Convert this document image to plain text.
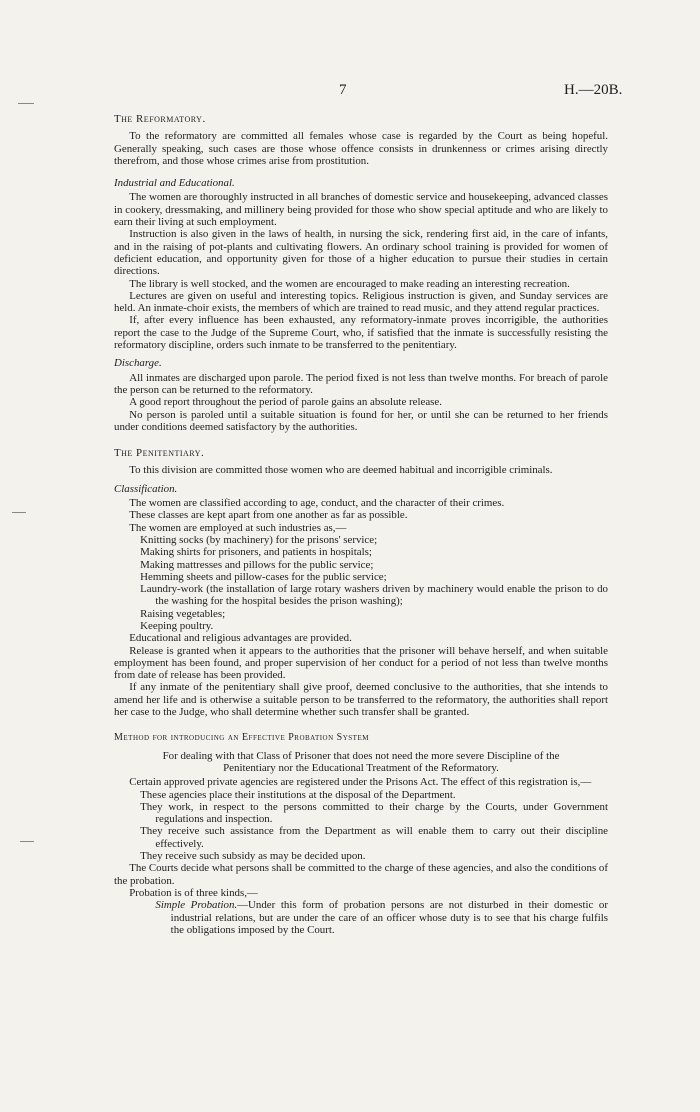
7	H.—20B.

The Reformatory.

To the reformatory are committed all females whose case is regarded by the Court as being hopeful. Generally speaking, such cases are those whose offence consists in drunkenness or crimes arising directly therefrom, and those whose crimes arise from prostitution.

Industrial and Educational.

The women are thoroughly instructed in all branches of domestic service and housekeeping, advanced classes in cookery, dressmaking, and millinery being provided for those who show special aptitude and who are likely to earn their living at such employment.

Instruction is also given in the laws of health, in nursing the sick, rendering first aid, in the care of infants, and in the raising of pot-plants and cultivating flowers. An ordinary school training is provided for women of deficient education, and opportunity given for those of a higher education to pursue their studies in certain directions.

The library is well stocked, and the women are encouraged to make reading an interesting recreation.

Lectures are given on useful and interesting topics. Religious instruction is given, and Sunday services are held. An inmate-choir exists, the members of which are trained to read music, and they attend regular practices.

If, after every influence has been exhausted, any reformatory-inmate proves incorrigible, the authorities report the case to the Judge of the Supreme Court, who, if satisfied that the inmate is successfully resisting the reformatory discipline, orders such inmate to be transferred to the penitentiary.

Discharge.

All inmates are discharged upon parole. The period fixed is not less than twelve months. For breach of parole the person can be returned to the reformatory.

A good report throughout the period of parole gains an absolute release.

No person is paroled until a suitable situation is found for her, or until she can be returned to her friends under conditions deemed satisfactory by the authorities.

The Penitentiary.

To this division are committed those women who are deemed habitual and incorrigible criminals.

Classification.

The women are classified according to age, conduct, and the character of their crimes.

These classes are kept apart from one another as far as possible.

The women are employed at such industries as,—

Knitting socks (by machinery) for the prisons' service;

Making shirts for prisoners, and patients in hospitals;

Making mattresses and pillows for the public service;

Hemming sheets and pillow-cases for the public service;

Laundry-work (the installation of large rotary washers driven by machinery would enable the prison to do the washing for the hospital besides the prison washing);

Raising vegetables;

Keeping poultry.

Educational and religious advantages are provided.

Release is granted when it appears to the authorities that the prisoner will behave herself, and when suitable employment has been found, and proper supervision of her conduct for a period of not less than twelve months from date of release has been provided.

If any inmate of the penitentiary shall give proof, deemed conclusive to the authorities, that she intends to amend her life and is otherwise a suitable person to be transferred to the reformatory, the authorities shall report her case to the Judge, who shall determine whether such transfer shall be granted.

Method for introducing an Effective Probation System

For dealing with that Class of Prisoner that does not need the more severe Discipline of the Penitentiary nor the Educational Treatment of the Reformatory.

Certain approved private agencies are registered under the Prisons Act. The effect of this registration is,—

These agencies place their institutions at the disposal of the Department.

They work, in respect to the persons committed to their charge by the Courts, under Government regulations and inspection.

They receive such assistance from the Department as will enable them to carry out their discipline effectively.

They receive such subsidy as may be decided upon.

The Courts decide what persons shall be committed to the charge of these agencies, and also the conditions of the probation.

Probation is of three kinds,—

Simple Probation.—Under this form of probation persons are not disturbed in their domestic or industrial relations, but are under the care of an officer whose duty is to see that his charge fulfils the obligations imposed by the Court.
